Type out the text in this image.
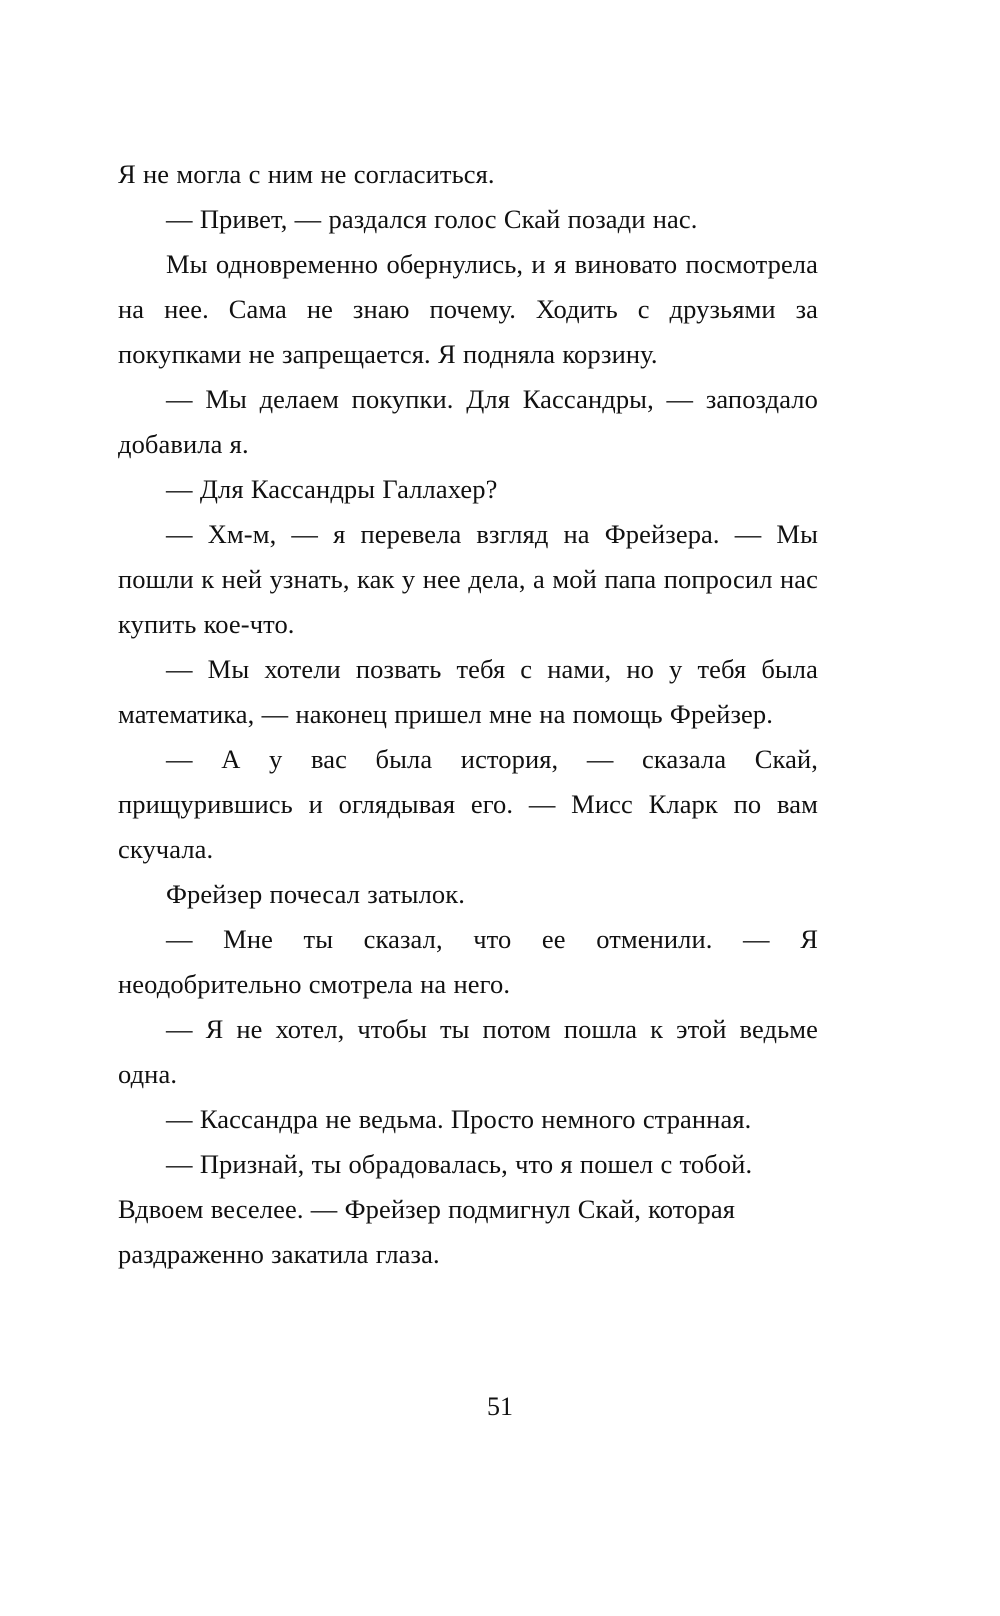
Я не могла с ним не согласиться.

— Привет, — раздался голос Скай позади нас.

Мы одновременно обернулись, и я виновато посмотрела на нее. Сама не знаю почему. Ходить с друзьями за покупками не запрещается. Я подняла корзину.

— Мы делаем покупки. Для Кассандры, — запоздало добавила я.

— Для Кассандры Галлахер?

— Хм-м, — я перевела взгляд на Фрейзера. — Мы пошли к ней узнать, как у нее дела, а мой папа попросил нас купить кое-что.

— Мы хотели позвать тебя с нами, но у тебя была математика, — наконец пришел мне на помощь Фрейзер.

— А у вас была история, — сказала Скай, прищурившись и оглядывая его. — Мисс Кларк по вам скучала.

Фрейзер почесал затылок.

— Мне ты сказал, что ее отменили. — Я неодобрительно смотрела на него.

— Я не хотел, чтобы ты потом пошла к этой ведьме одна.

— Кассандра не ведьма. Просто немного странная.

— Признай, ты обрадовалась, что я пошел с тобой. Вдвоем веселее. — Фрейзер подмигнул Скай, которая раздраженно закатила глаза.

51
